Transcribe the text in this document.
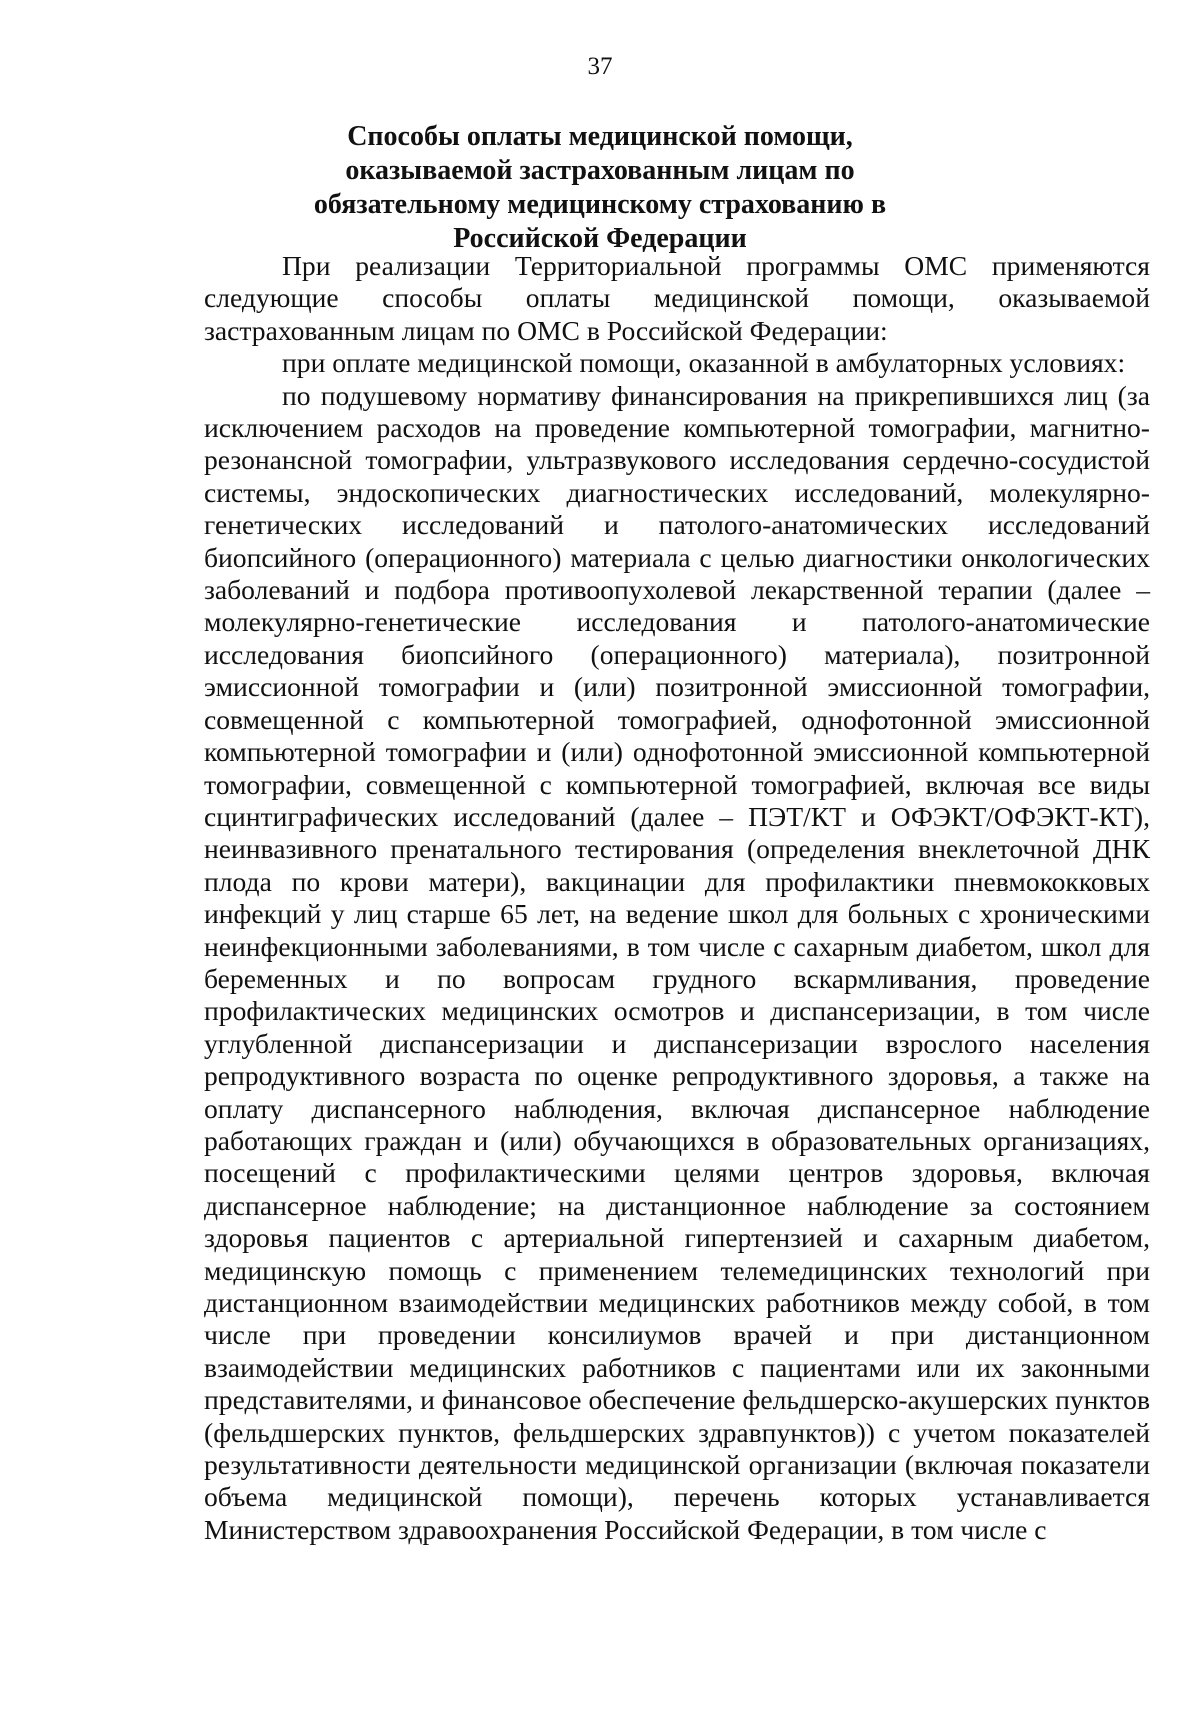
37
Способы оплаты медицинской помощи, оказываемой застрахованным лицам по обязательному медицинскому страхованию в Российской Федерации

При реализации Территориальной программы ОМС применяются следующие способы оплаты медицинской помощи, оказываемой застрахованным лицам по ОМС в Российской Федерации:

при оплате медицинской помощи, оказанной в амбулаторных условиях:

по подушевому нормативу финансирования на прикрепившихся лиц (за исключением расходов на проведение компьютерной томографии, магнитно-резонансной томографии, ультразвукового исследования сердечно-сосудистой системы, эндоскопических диагностических исследований, молекулярно-генетических исследований и патолого-анатомических исследований биопсийного (операционного) материала с целью диагностики онкологических заболеваний и подбора противоопухолевой лекарственной терапии (далее – молекулярно-генетические исследования и патолого-анатомические исследования биопсийного (операционного) материала), позитронной эмиссионной томографии и (или) позитронной эмиссионной томографии, совмещенной с компьютерной томографией, однофотонной эмиссионной компьютерной томографии и (или) однофотонной эмиссионной компьютерной томографии, совмещенной с компьютерной томографией, включая все виды сцинтиграфических исследований (далее – ПЭТ/КТ и ОФЭКТ/ОФЭКТ-КТ), неинвазивного пренатального тестирования (определения внеклеточной ДНК плода по крови матери), вакцинации для профилактики пневмококковых инфекций у лиц старше 65 лет, на ведение школ для больных с хроническими неинфекционными заболеваниями, в том числе с сахарным диабетом, школ для беременных и по вопросам грудного вскармливания, проведение профилактических медицинских осмотров и диспансеризации, в том числе углубленной диспансеризации и диспансеризации взрослого населения репродуктивного возраста по оценке репродуктивного здоровья, а также на оплату диспансерного наблюдения, включая диспансерное наблюдение работающих граждан и (или) обучающихся в образовательных организациях, посещений с профилактическими целями центров здоровья, включая диспансерное наблюдение; на дистанционное наблюдение за состоянием здоровья пациентов с артериальной гипертензией и сахарным диабетом, медицинскую помощь с применением телемедицинских технологий при дистанционном взаимодействии медицинских работников между собой, в том числе при проведении консилиумов врачей и при дистанционном взаимодействии медицинских работников с пациентами или их законными представителями, и финансовое обеспечение фельдшерско-акушерских пунктов (фельдшерских пунктов, фельдшерских здравпунктов)) с учетом показателей результативности деятельности медицинской организации (включая показатели объема медицинской помощи), перечень которых устанавливается Министерством здравоохранения Российской Федерации, в том числе с
